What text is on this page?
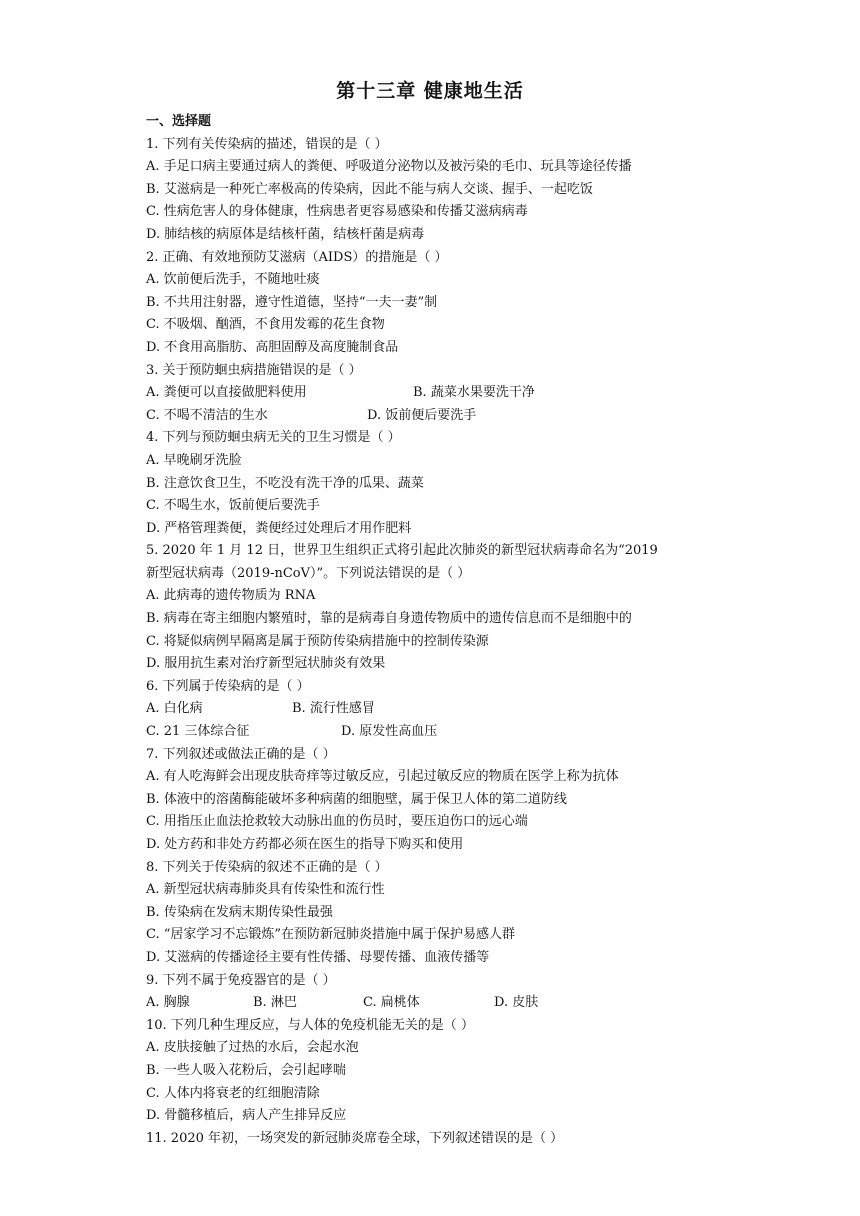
第十三章 健康地生活
一、选择题
1. 下列有关传染病的描述，错误的是（ ）
A. 手足口病主要通过病人的粪便、呼吸道分泌物以及被污染的毛巾、玩具等途径传播
B. 艾滋病是一种死亡率极高的传染病，因此不能与病人交谈、握手、一起吃饭
C. 性病危害人的身体健康，性病患者更容易感染和传播艾滋病病毒
D. 肺结核的病原体是结核杆菌，结核杆菌是病毒
2. 正确、有效地预防艾滋病（AIDS）的措施是（ ）
A. 饮前便后洗手，不随地吐痰
B. 不共用注射器，遵守性道德，坚持“一夫一妻”制
C. 不吸烟、酗酒，不食用发霉的花生食物
D. 不食用高脂肪、高胆固醇及高度腌制食品
3. 关于预防蛔虫病措施错误的是（ ）
A. 粪便可以直接做肥料使用	B. 蔬菜水果要洗干净
C. 不喝不清洁的生水	D. 饭前便后要洗手
4. 下列与预防蛔虫病无关的卫生习惯是（ ）
A. 早晚刷牙洗脸
B. 注意饮食卫生，不吃没有洗干净的瓜果、蔬菜
C. 不喝生水，饭前便后要洗手
D. 严格管理粪便，粪便经过处理后才用作肥料
5. 2020 年 1 月 12 日，世界卫生组织正式将引起此次肺炎的新型冠状病毒命名为“2019
新型冠状病毒（2019-nCoV）”。下列说法错误的是（ ）
A. 此病毒的遗传物质为 RNA
B. 病毒在寄主细胞内繁殖时，靠的是病毒自身遗传物质中的遗传信息而不是细胞中的
C. 将疑似病例早隔离是属于预防传染病措施中的控制传染源
D. 服用抗生素对治疗新型冠状肺炎有效果
6. 下列属于传染病的是（ ）
A. 白化病	B. 流行性感冒
C. 21 三体综合征	D. 原发性高血压
7. 下列叙述或做法正确的是（ ）
A. 有人吃海鲜会出现皮肤奇痒等过敏反应，引起过敏反应的物质在医学上称为抗体
B. 体液中的溶菌酶能破坏多种病菌的细胞壁，属于保卫人体的第二道防线
C. 用指压止血法抢救较大动脉出血的伤员时，要压迫伤口的远心端
D. 处方药和非处方药都必须在医生的指导下购买和使用
8. 下列关于传染病的叙述不正确的是（ ）
A. 新型冠状病毒肺炎具有传染性和流行性
B. 传染病在发病末期传染性最强
C. “居家学习不忘锻炼”在预防新冠肺炎措施中属于保护易感人群
D. 艾滋病的传播途径主要有性传播、母婴传播、血液传播等
9. 下列不属于免疫器官的是（ ）
A. 胸腺	B. 淋巴	C. 扁桃体	D. 皮肤
10. 下列几种生理反应，与人体的免疫机能无关的是（ ）
A. 皮肤接触了过热的水后，会起水泡
B. 一些人吸入花粉后，会引起哮喘
C. 人体内将衰老的红细胞清除
D. 骨髓移植后，病人产生排异反应
11. 2020 年初，一场突发的新冠肺炎席卷全球，下列叙述错误的是（ ）
